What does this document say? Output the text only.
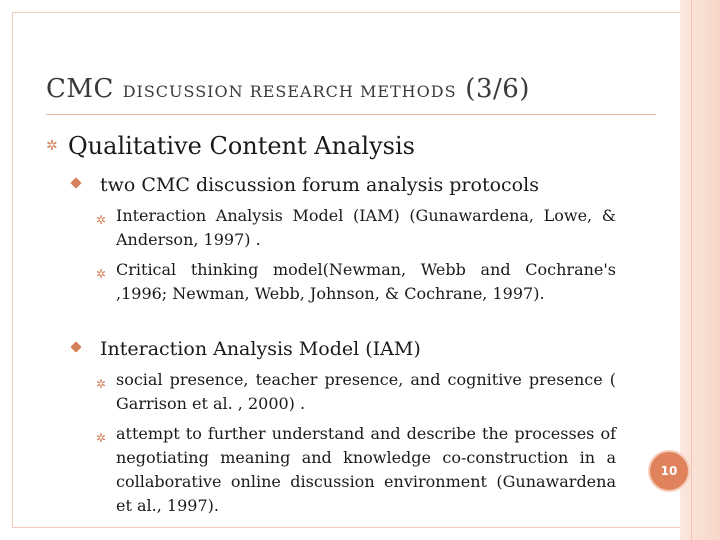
CMC DISCUSSION RESEARCH METHODS (3/6)
✲ Qualitative Content Analysis
two CMC discussion forum analysis protocols
✲ Interaction Analysis Model (IAM) (Gunawardena, Lowe, & Anderson, 1997) .
✲ Critical thinking model(Newman, Webb and Cochrane's ,1996; Newman, Webb, Johnson, & Cochrane, 1997).
Interaction Analysis Model (IAM)
✲ social presence, teacher presence, and cognitive presence ( Garrison et al. , 2000) .
✲ attempt to further understand and describe the processes of negotiating meaning and knowledge co-construction in a collaborative online discussion environment (Gunawardena et al., 1997).
10
